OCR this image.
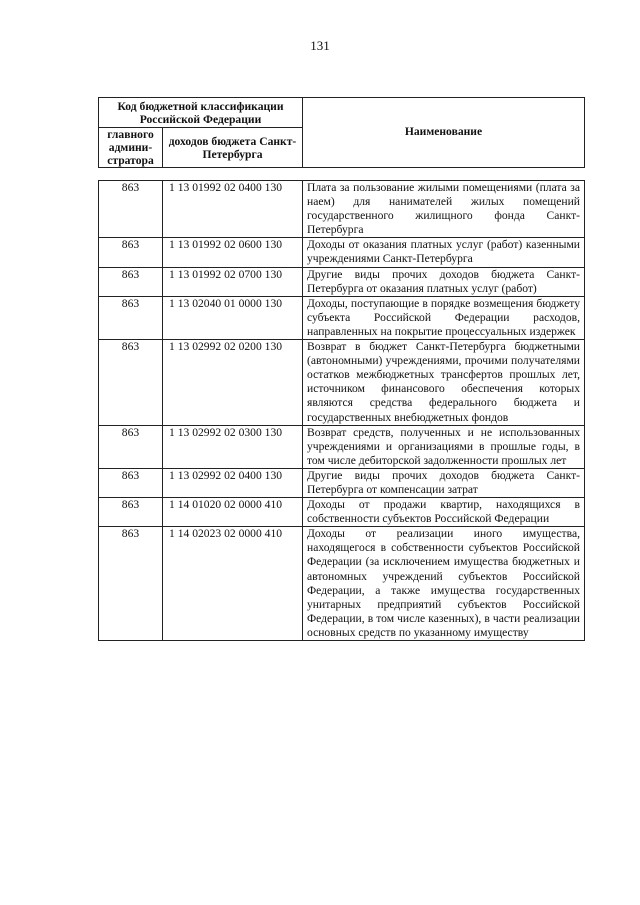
131
Код бюджетной классификации Российской Федерации		Наименование
главного админи-стратора	доходов бюджета Санкт-Петербурга	
863	1 13 01992 02 0400 130	Плата за пользование жилыми помещениями (плата за наем) для нанимателей жилых помещений государственного жилищного фонда Санкт-Петербурга
863	1 13 01992 02 0600 130	Доходы от оказания платных услуг (работ) казенными учреждениями Санкт-Петербурга
863	1 13 01992 02 0700 130	Другие виды прочих доходов бюджета Санкт-Петербурга от оказания платных услуг (работ)
863	1 13 02040 01 0000 130	Доходы, поступающие в порядке возмещения бюджету субъекта Российской Федерации расходов, направленных на покрытие процессуальных издержек
863	1 13 02992 02 0200 130	Возврат в бюджет Санкт-Петербурга бюджетными (автономными) учреждениями, прочими получателями остатков межбюджетных трансфертов прошлых лет, источником финансового обеспечения которых являются средства федерального бюджета и государственных внебюджетных фондов
863	1 13 02992 02 0300 130	Возврат средств, полученных и не использованных учреждениями и организациями в прошлые годы, в том числе дебиторской задолженности прошлых лет
863	1 13 02992 02 0400 130	Другие виды прочих доходов бюджета Санкт-Петербурга от компенсации затрат
863	1 14 01020 02 0000 410	Доходы от продажи квартир, находящихся в собственности субъектов Российской Федерации
863	1 14 02023 02 0000 410	Доходы от реализации иного имущества, находящегося в собственности субъектов Российской Федерации (за исключением имущества бюджетных и автономных учреждений субъектов Российской Федерации, а также имущества государственных унитарных предприятий субъектов Российской Федерации, в том числе казенных), в части реализации основных средств по указанному имуществу
